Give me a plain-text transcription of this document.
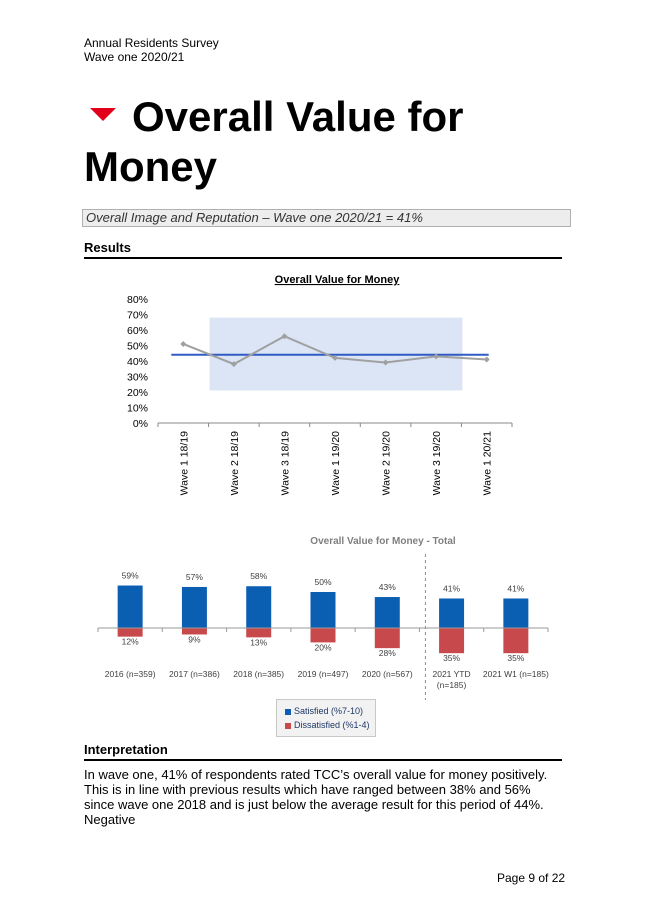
Annual Residents Survey
Wave one 2020/21
Overall Value for Money
Overall Image and Reputation – Wave one 2020/21 = 41%
Results
Overall Value for Money
0%
10%
20%
30%
40%
50%
60%
70%
80%
Wave 1 18/19	Wave 2 18/19	Wave 3 18/19	Wave 1 19/20	Wave 2 19/20	Wave 3 19/20	Wave 1 20/21
Overall Value for Money - Total
59%	57%	58%
50%
43%	41%	41%
12%	9%	13%
20%
28%
35%	35%
2016 (n=359) 2017 (n=386) 2018 (n=385) 2019 (n=497) 2020 (n=567) 2021 YTD (n=185)
2021 W1 (n=185)
Satisfied (%7-10)
Dissatisfied (%1-4)
Interpretation
In wave one, 41% of respondents rated TCC’s overall value for money positively. This is in line with previous results which have ranged between 38% and 56% since wave one 2018 and is just below the average result for this period of 44%. Negative
Page 9 of 22
